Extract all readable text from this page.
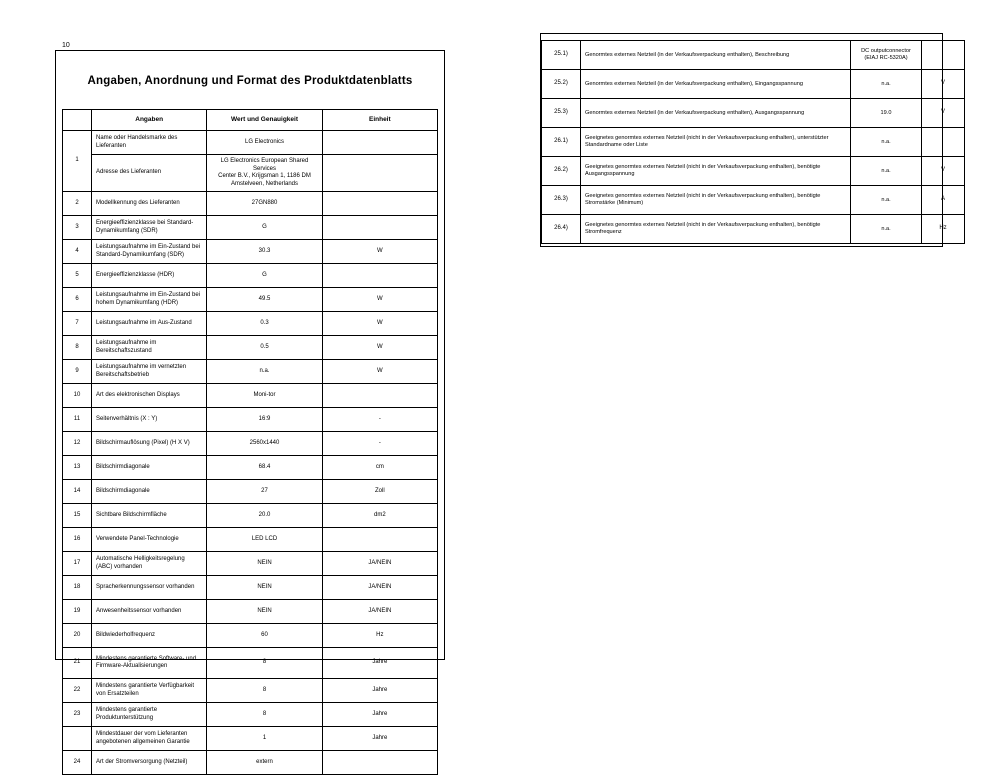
10
Angaben, Anordnung und Format des Produktdatenblatts
	Angaben	Wert und Genauigkeit	Einheit
1	Name oder Handelsmarke des Lieferanten	LG Electronics	
	Adresse des Lieferanten	LG Electronics European Shared Services
Center B.V., Krijgsman 1, 1186 DM
Amstelveen, Netherlands	

2	Modellkennung des Lieferanten	27GN880	
3	Energieeffizienzklasse bei Standard-Dynamikumfang (SDR)	G	
4	Leistungsaufnahme im Ein-Zustand bei Standard-Dynamikumfang (SDR)	30.3	W
5	Energieeffizienzklasse (HDR)	G	
6	Leistungsaufnahme im Ein-Zustand bei hohem Dynamikumfang (HDR)	49.5	W
7	Leistungsaufnahme im Aus-Zustand	0.3	W
8	Leistungsaufnahme im Bereitschaftszustand	0.5	W
9	Leistungsaufnahme im vernetzten Bereitschaftsbetrieb	n.a.	W
10	Art des elektronischen Displays	Moni-tor	
11	Seitenverhältnis (X : Y)	16:9	-
12	Bildschirmauflösung (Pixel) (H X V)	2560x1440	-
13	Bildschirmdiagonale	68.4	cm
14	Bildschirmdiagonale	27	Zoll
15	Sichtbare Bildschirmfläche	20.0	dm2
16	Verwendete Panel-Technologie	LED LCD	
17	Automatische Helligkeitsregelung (ABC) vorhanden	NEIN	JA/NEIN
18	Spracherkennungssensor vorhanden	NEIN	JA/NEIN
19	Anwesenheitssensor vorhanden	NEIN	JA/NEIN
20	Bildwiederholfrequenz	60	Hz
21	Mindestens garantierte Software- und Firmware-Aktualisierungen	8	Jahre
22	Mindestens garantierte Verfügbarkeit von Ersatzteilen	8	Jahre
23	Mindestens garantierte Produktunterstützung	8	Jahre
	Mindestdauer der vom Lieferanten angebotenen allgemeinen Garantie	1	Jahre
24	Art der Stromversorgung (Netzteil)	extern	
25.1)	Genormtes externes Netzteil (in der Verkaufsverpackung enthalten), Beschreibung	DC outputconnector (EIAJ RC-5320A)	
25.2)	Genormtes externes Netzteil (in der Verkaufsverpackung enthalten), Eingangsspannung	n.a.	V
25.3)	Genormtes externes Netzteil (in der Verkaufsverpackung enthalten), Ausgangsspannung	19.0	V
26.1)	Geeignetes genormtes externes Netzteil (nicht in der Verkaufsverpackung enthalten), unterstützter Standardname oder Liste	n.a.	
26.2)	Geeignetes genormtes externes Netzteil (nicht in der Verkaufsverpackung enthalten), benötigte Ausgangsspannung	n.a.	V
26.3)	Geeignetes genormtes externes Netzteil (nicht in der Verkaufsverpackung enthalten), benötigte Stromstärke (Minimum)	n.a.	A
26.4)	Geeignetes genormtes externes Netzteil (nicht in der Verkaufsverpackung enthalten), benötigte Stromfrequenz	n.a.	Hz
